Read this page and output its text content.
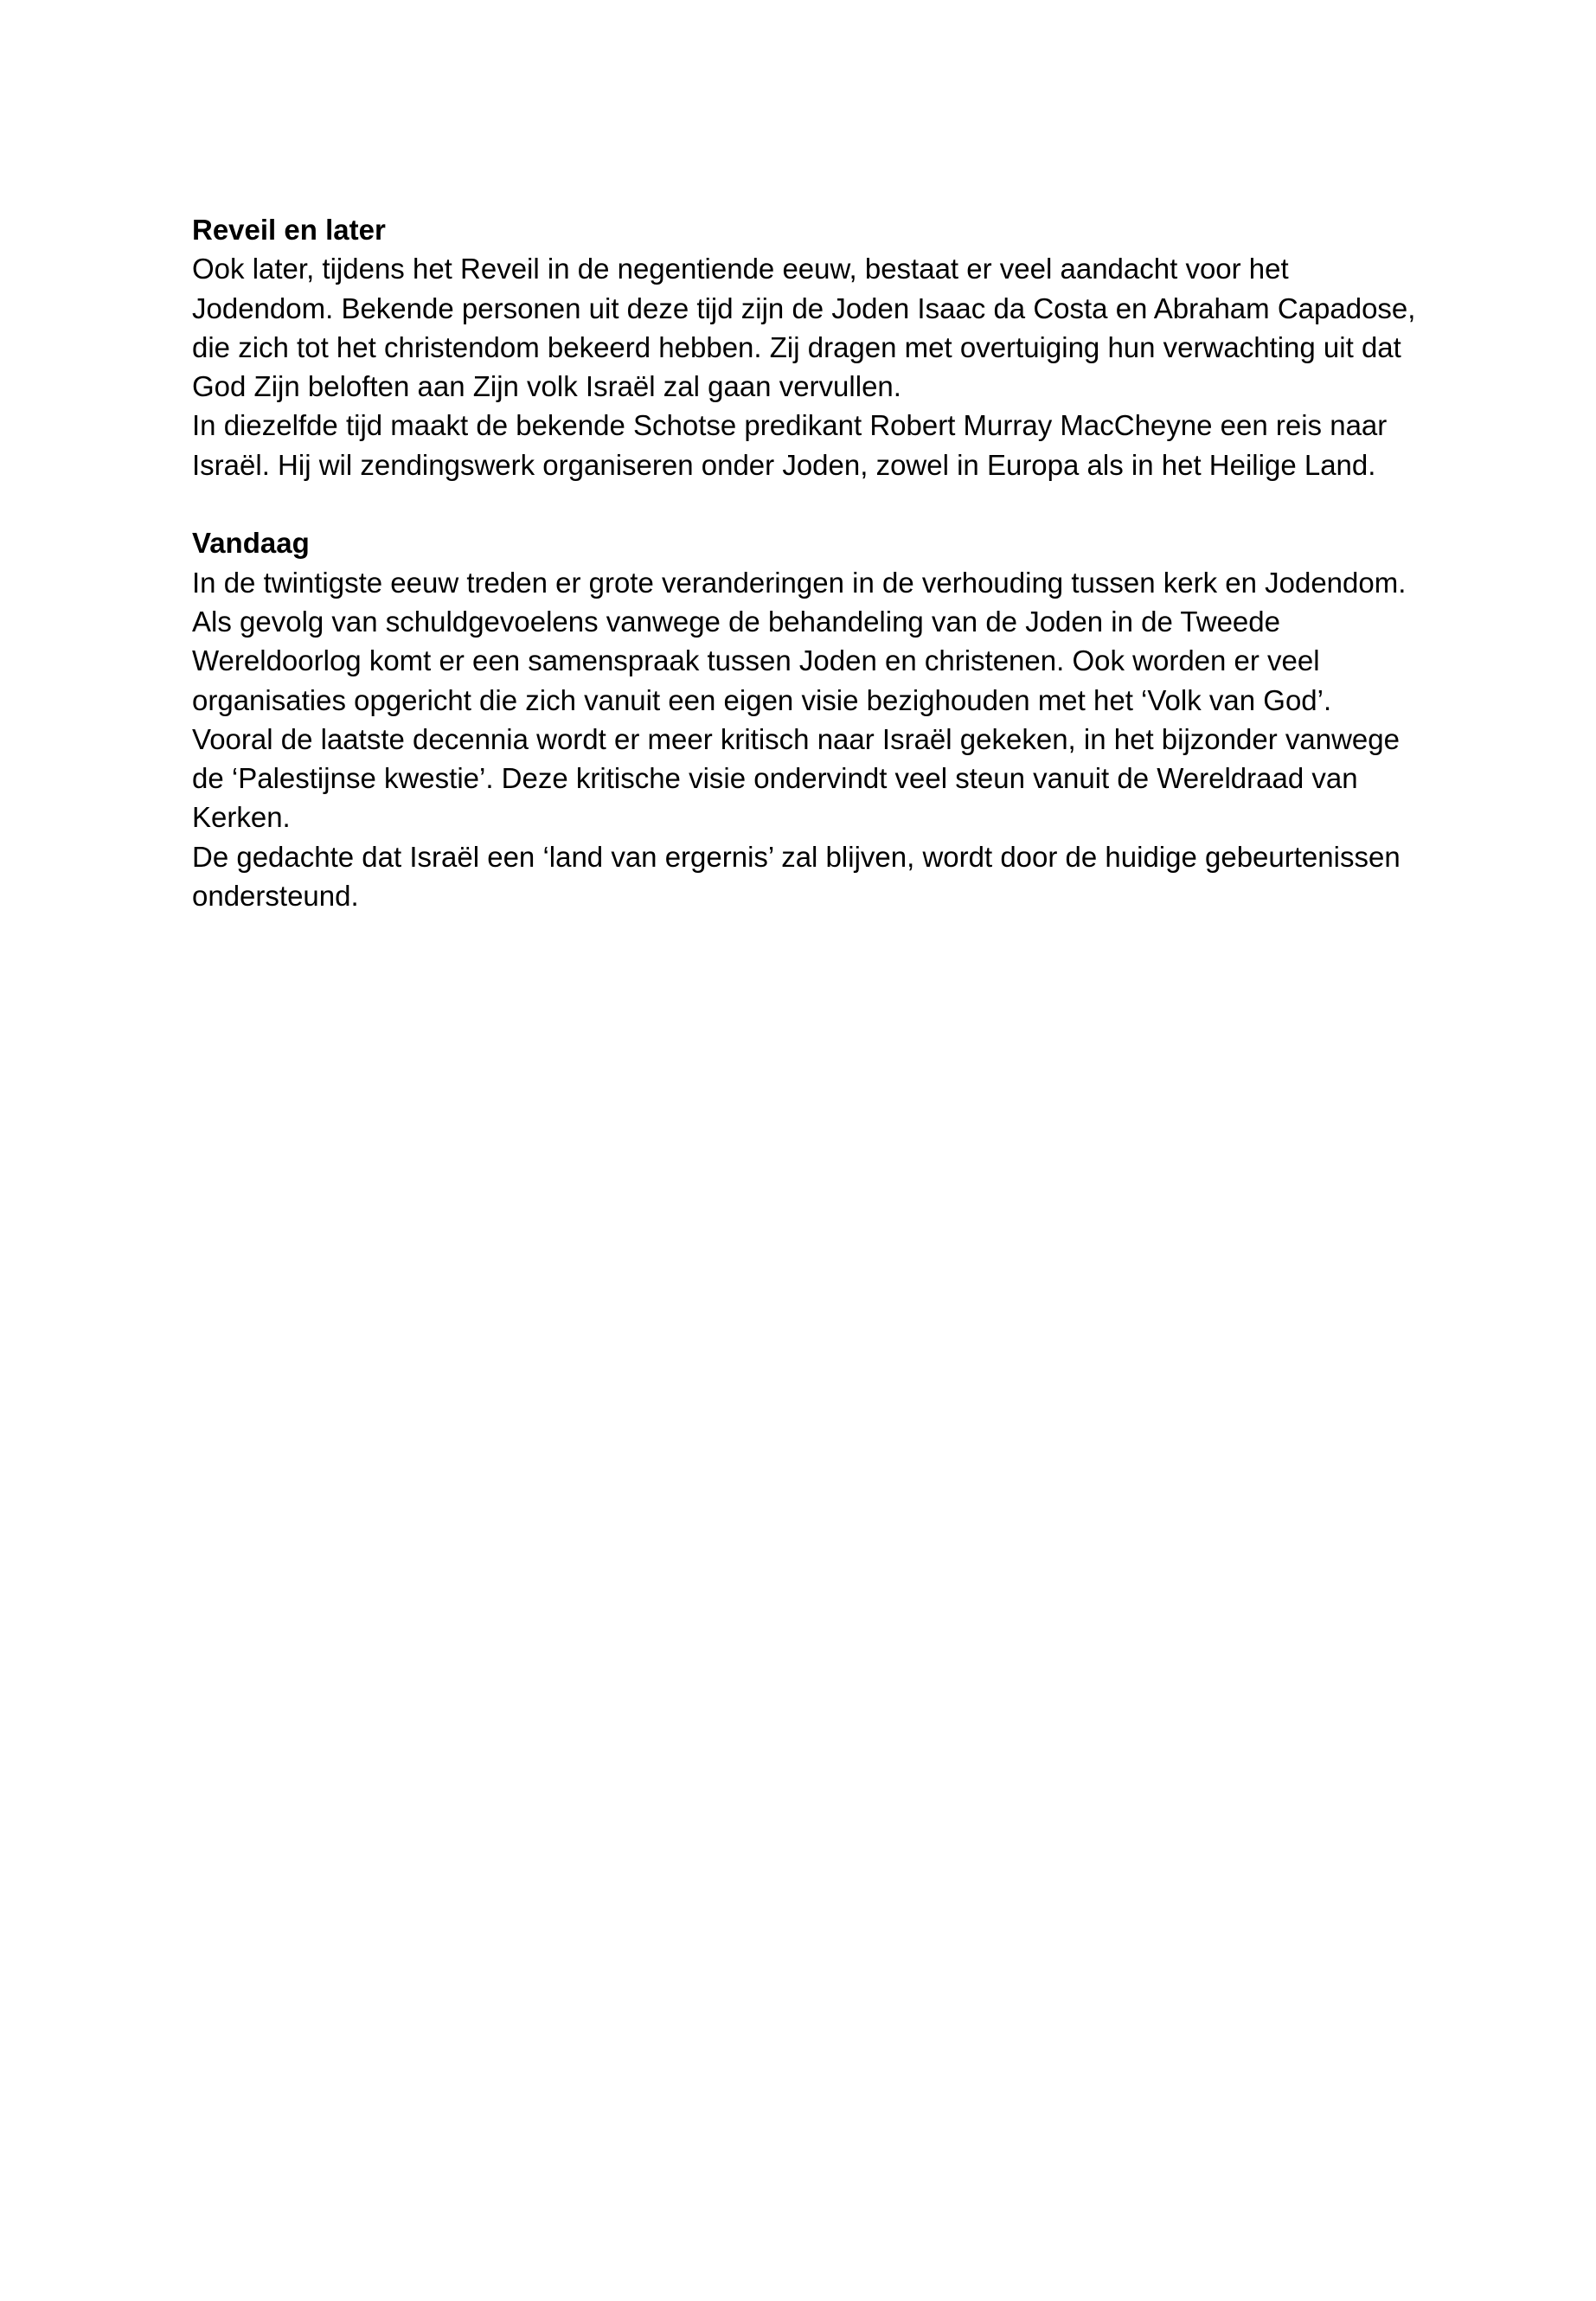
Reveil en later

Ook later, tijdens het Reveil in de negentiende eeuw, bestaat er veel aandacht voor het Jodendom. Bekende personen uit deze tijd zijn de Joden Isaac da Costa en Abraham Capadose, die zich tot het christendom bekeerd hebben. Zij dragen met overtuiging hun verwachting uit dat God Zijn beloften aan Zijn volk Israël zal gaan vervullen.

In diezelfde tijd maakt de bekende Schotse predikant Robert Murray MacCheyne een reis naar Israël. Hij wil zendingswerk organiseren onder Joden, zowel in Europa als in het Heilige Land.

Vandaag

In de twintigste eeuw treden er grote veranderingen in de verhouding tussen kerk en Jodendom. Als gevolg van schuldgevoelens vanwege de behandeling van de Joden in de Tweede Wereldoorlog komt er een samenspraak tussen Joden en christenen. Ook worden er veel organisaties opgericht die zich vanuit een eigen visie bezighouden met het ‘Volk van God’.

Vooral de laatste decennia wordt er meer kritisch naar Israël gekeken, in het bijzonder vanwege de ‘Palestijnse kwestie’. Deze kritische visie ondervindt veel steun vanuit de Wereldraad van Kerken.

De gedachte dat Israël een ‘land van ergernis’ zal blijven, wordt door de huidige gebeurtenissen ondersteund.
